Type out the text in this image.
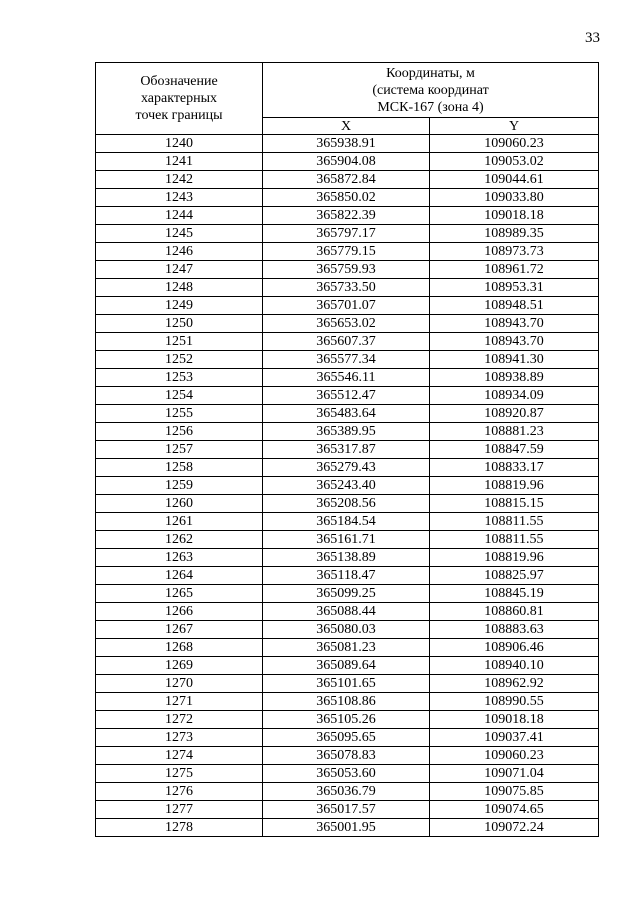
33
Обозначение
характерных
точек границы	Координаты, м
(система координат
МСК-167 (зона 4)	

	X	Y
1240	365938.91	109060.23
1241	365904.08	109053.02
1242	365872.84	109044.61
1243	365850.02	109033.80
1244	365822.39	109018.18
1245	365797.17	108989.35
1246	365779.15	108973.73
1247	365759.93	108961.72
1248	365733.50	108953.31
1249	365701.07	108948.51
1250	365653.02	108943.70
1251	365607.37	108943.70
1252	365577.34	108941.30
1253	365546.11	108938.89
1254	365512.47	108934.09
1255	365483.64	108920.87
1256	365389.95	108881.23
1257	365317.87	108847.59
1258	365279.43	108833.17
1259	365243.40	108819.96
1260	365208.56	108815.15
1261	365184.54	108811.55
1262	365161.71	108811.55
1263	365138.89	108819.96
1264	365118.47	108825.97
1265	365099.25	108845.19
1266	365088.44	108860.81
1267	365080.03	108883.63
1268	365081.23	108906.46
1269	365089.64	108940.10
1270	365101.65	108962.92
1271	365108.86	108990.55
1272	365105.26	109018.18
1273	365095.65	109037.41
1274	365078.83	109060.23
1275	365053.60	109071.04
1276	365036.79	109075.85
1277	365017.57	109074.65
1278	365001.95	109072.24
